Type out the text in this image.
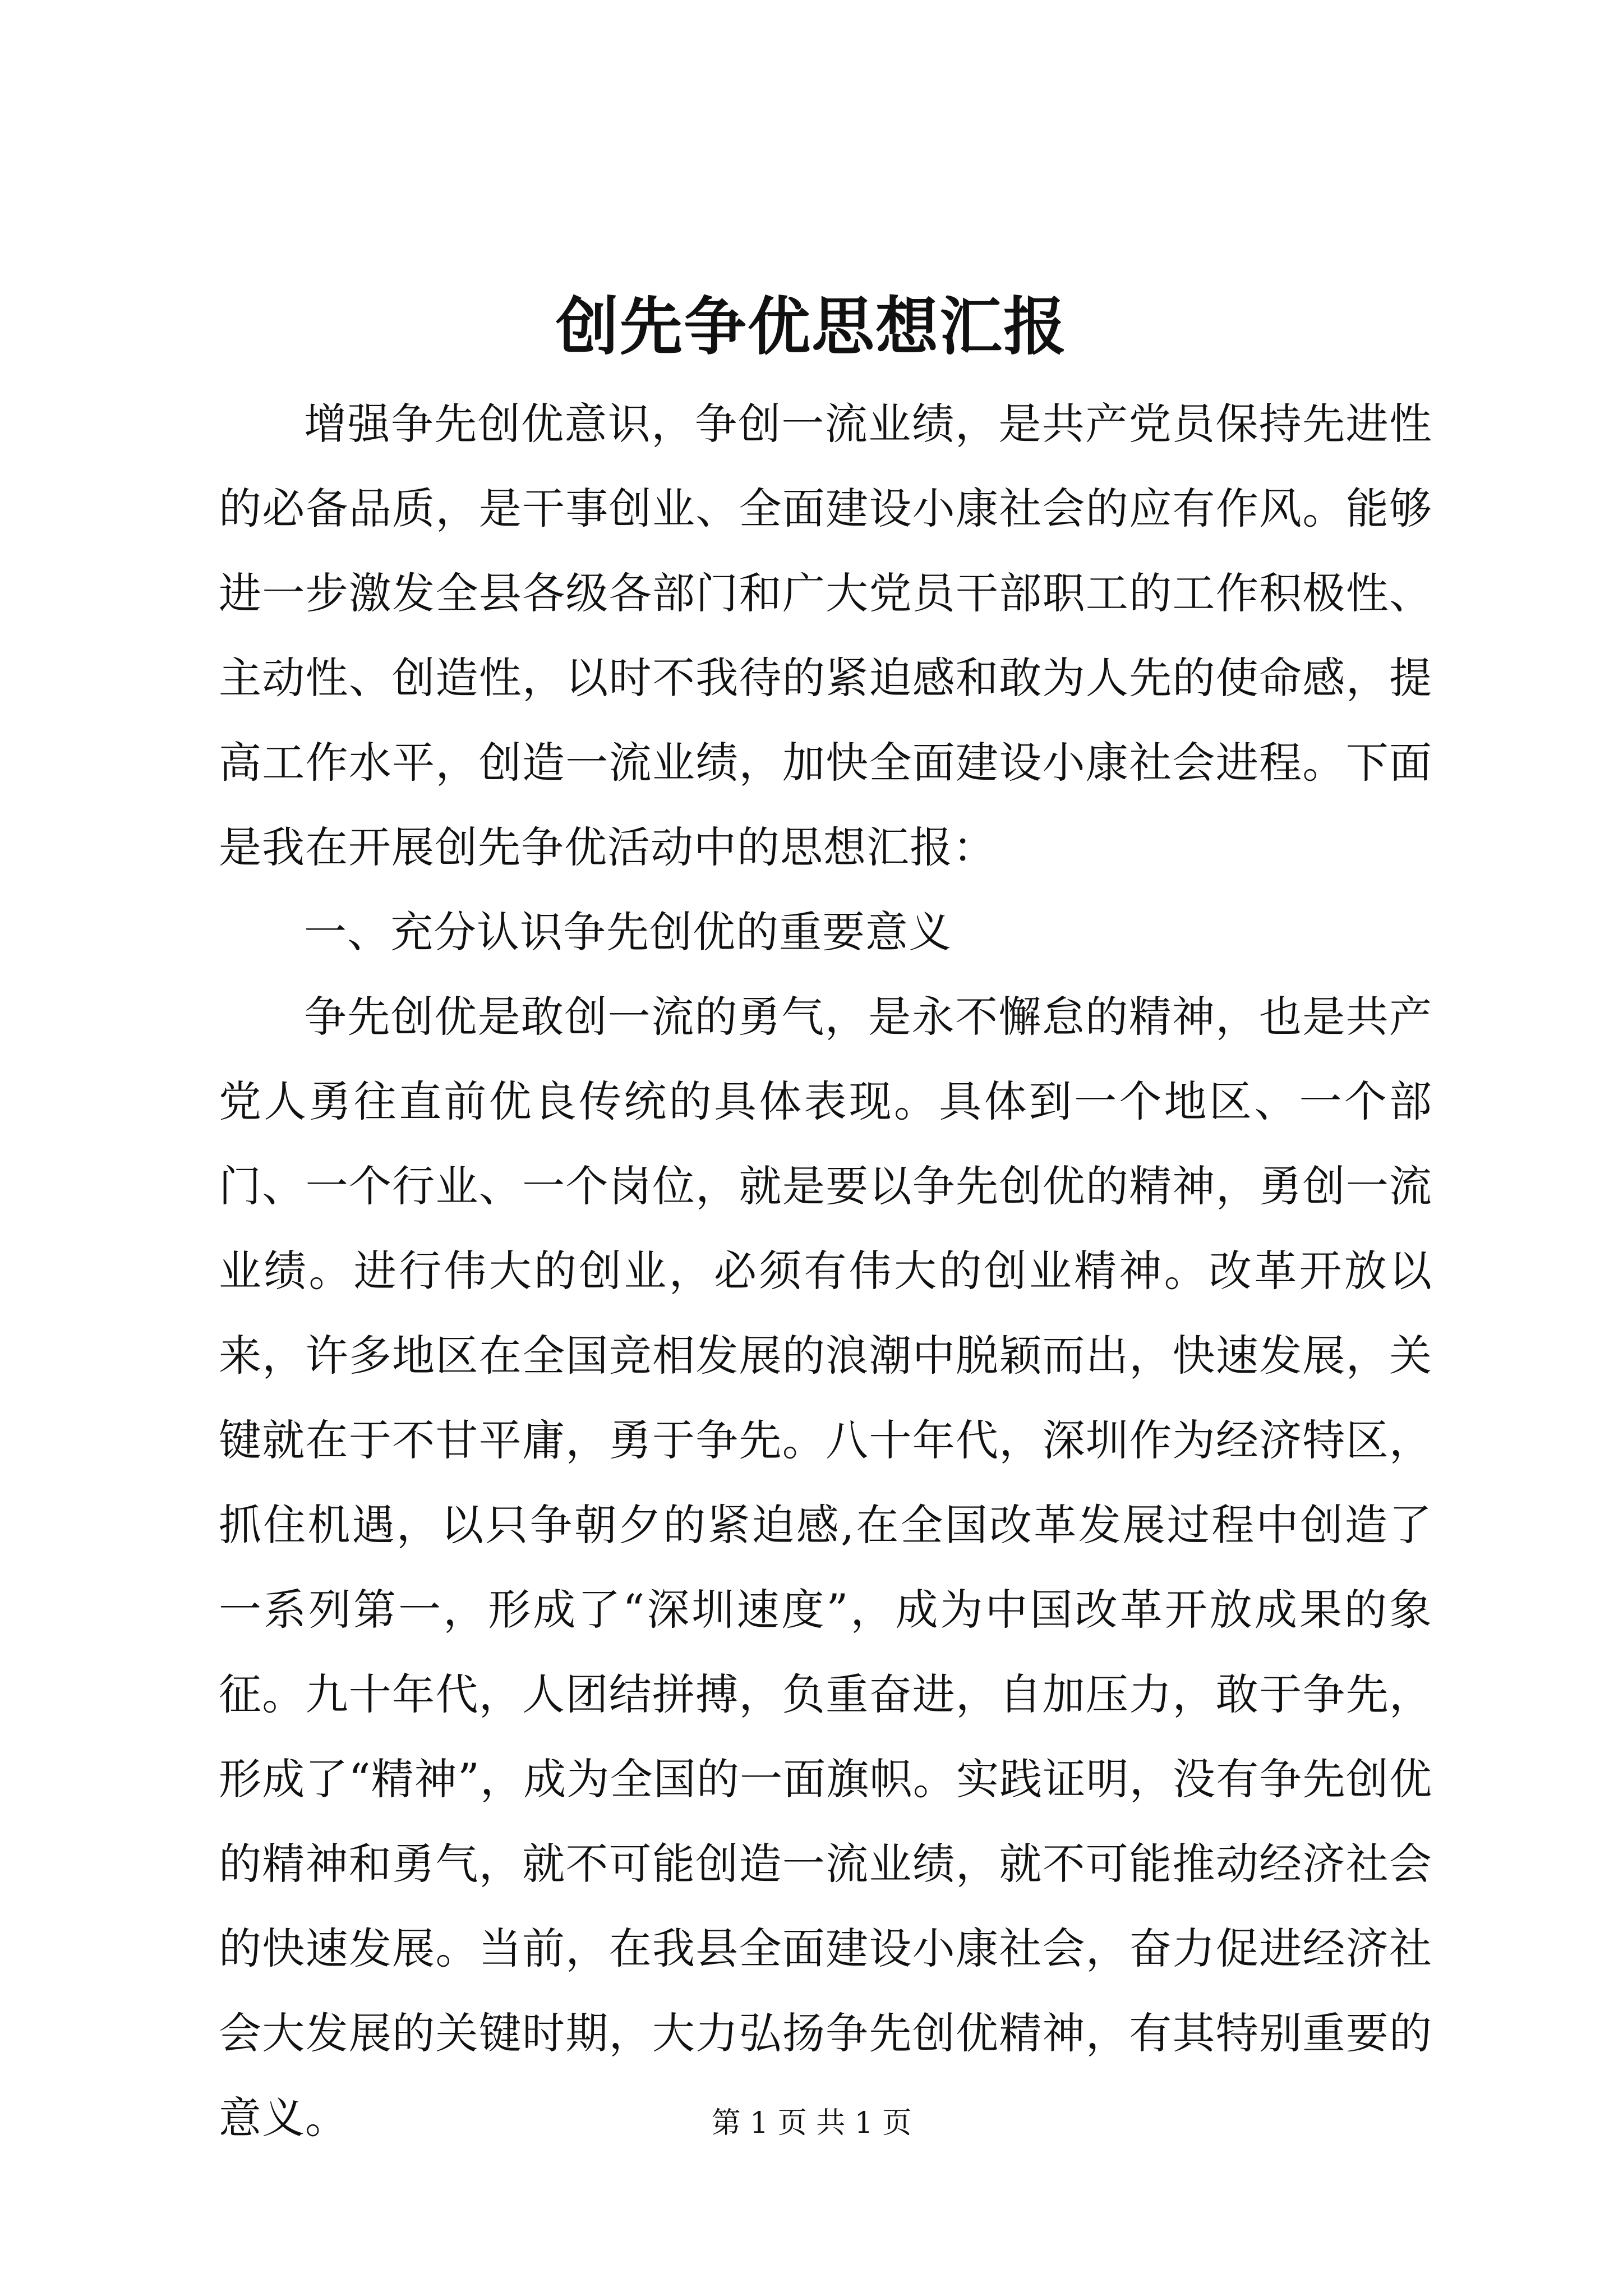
创先争优思想汇报

增强争先创优意识，争创一流业绩，是共产党员保持先进性的必备品质，是干事创业、全面建设小康社会的应有作风。能够进一步激发全县各级各部门和广大党员干部职工的工作积极性、主动性、创造性，以时不我待的紧迫感和敢为人先的使命感，提高工作水平，创造一流业绩，加快全面建设小康社会进程。下面是我在开展创先争优活动中的思想汇报：

一、充分认识争先创优的重要意义

争先创优是敢创一流的勇气，是永不懈怠的精神，也是共产党人勇往直前优良传统的具体表现。具体到一个地区、一个部门、一个行业、一个岗位，就是要以争先创优的精神，勇创一流业绩。进行伟大的创业，必须有伟大的创业精神。改革开放以来，许多地区在全国竞相发展的浪潮中脱颖而出，快速发展，关键就在于不甘平庸，勇于争先。八十年代，深圳作为经济特区，抓住机遇，以只争朝夕的紧迫感,在全国改革发展过程中创造了一系列第一，形成了“深圳速度”，成为中国改革开放成果的象征。九十年代，人团结拼搏，负重奋进，自加压力，敢于争先，形成了“精神”，成为全国的一面旗帜。实践证明，没有争先创优的精神和勇气，就不可能创造一流业绩，就不可能推动经济社会的快速发展。当前，在我县全面建设小康社会，奋力促进经济社会大发展的关键时期，大力弘扬争先创优精神，有其特别重要的意义。	第 1 页 共 1 页
